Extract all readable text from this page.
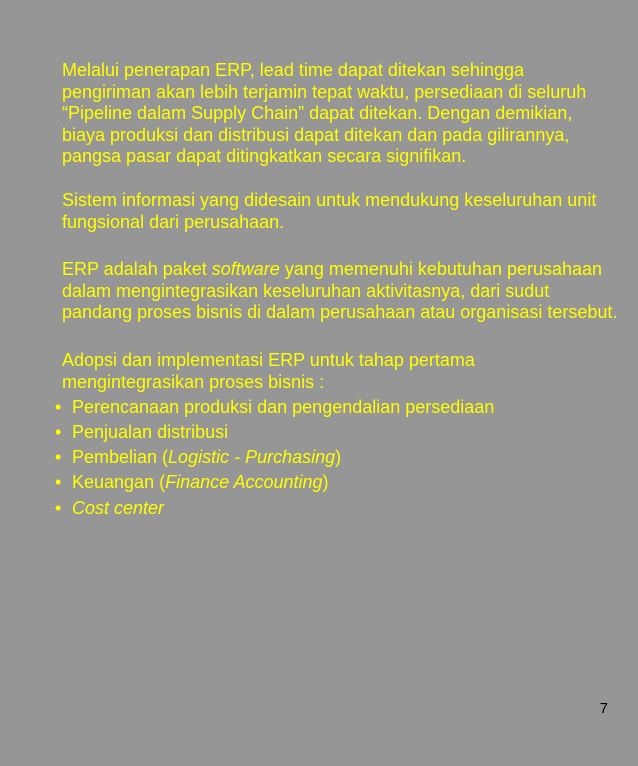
Melalui penerapan ERP, lead time dapat ditekan sehingga pengiriman akan lebih terjamin tepat waktu, persediaan di seluruh “Pipeline dalam Supply Chain” dapat ditekan. Dengan demikian, biaya produksi dan distribusi dapat ditekan dan pada gilirannya, pangsa pasar dapat ditingkatkan secara signifikan.

Sistem informasi yang didesain untuk mendukung keseluruhan unit fungsional dari perusahaan.

ERP adalah paket software yang memenuhi kebutuhan perusahaan dalam mengintegrasikan keseluruhan aktivitasnya, dari sudut pandang proses bisnis di dalam perusahaan atau organisasi tersebut.

Adopsi dan implementasi ERP untuk tahap pertama mengintegrasikan proses bisnis :

• Perencanaan produksi dan pengendalian persediaan
• Penjualan distribusi
• Pembelian (Logistic - Purchasing)
• Keuangan (Finance Accounting)
• Cost center
7
